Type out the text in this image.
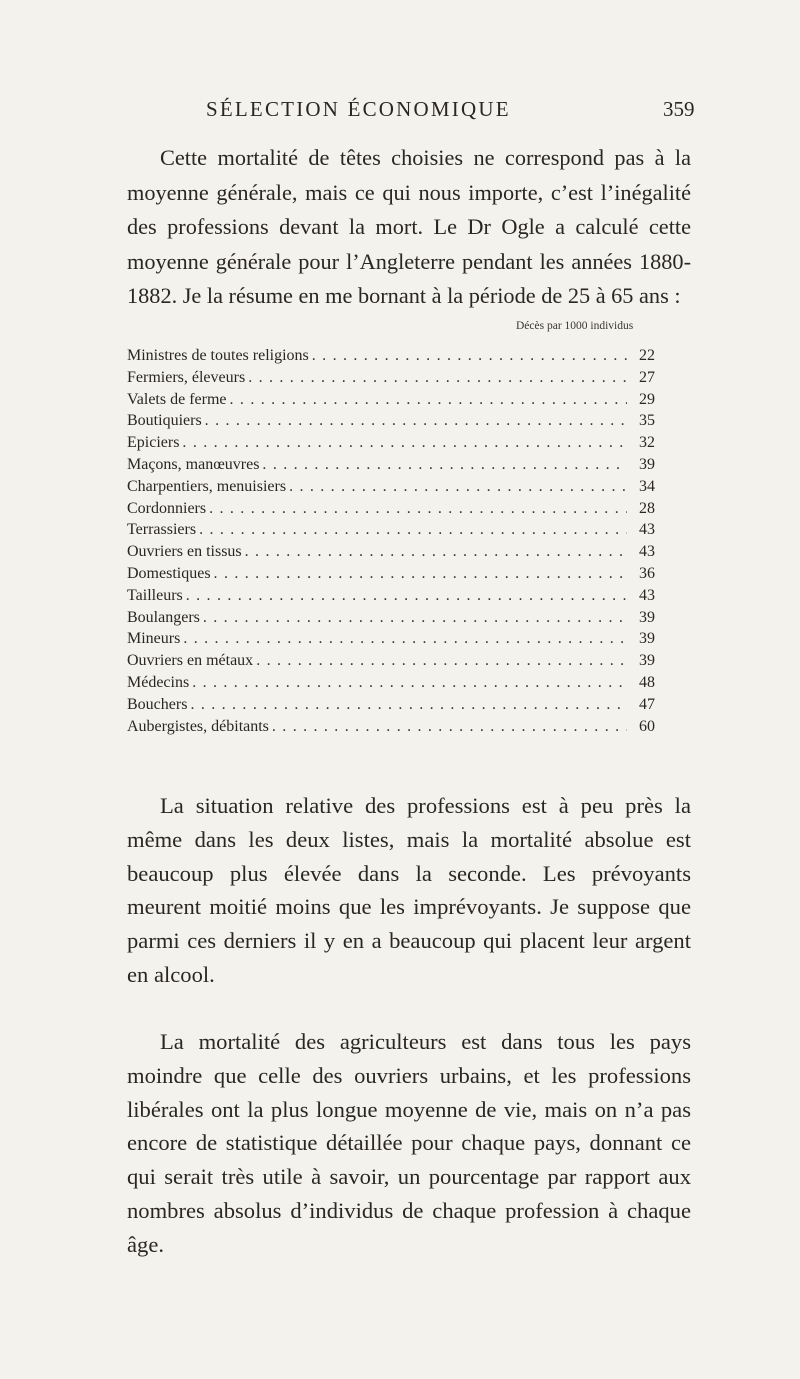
SÉLECTION ÉCONOMIQUE	359

Cette mortalité de têtes choisies ne correspond pas à la moyenne générale, mais ce qui nous importe, c’est l’inégalité des professions devant la mort. Le Dr Ogle a calculé cette moyenne générale pour l’Angleterre pendant les années 1880-1882. Je la résume en me bornant à la période de 25 à 65 ans :

Décès par 1000 individus
Ministres de toutes religions . . .	22
Fermiers, éleveurs . . .	27
Valets de ferme . . .	29
Boutiquiers . . .	35
Epiciers . . .	32
Maçons, manœuvres . . .	39
Charpentiers, menuisiers . . .	34
Cordonniers . . .	28
Terrassiers . . .	43
Ouvriers en tissus . . .	43
Domestiques . . .	36
Tailleurs . . .	43
Boulangers . . .	39
Mineurs . . .	39
Ouvriers en métaux . . .	39
Médecins . . .	48
Bouchers . . .	47
Aubergistes, débitants . . .	60

La situation relative des professions est à peu près la même dans les deux listes, mais la mortalité absolue est beaucoup plus élevée dans la seconde. Les prévoyants meurent moitié moins que les imprévoyants. Je suppose que parmi ces derniers il y en a beaucoup qui placent leur argent en alcool.

La mortalité des agriculteurs est dans tous les pays moindre que celle des ouvriers urbains, et les professions libérales ont la plus longue moyenne de vie, mais on n’a pas encore de statistique détaillée pour chaque pays, donnant ce qui serait très utile à savoir, un pourcentage par rapport aux nombres absolus d’individus de chaque profession à chaque âge.
